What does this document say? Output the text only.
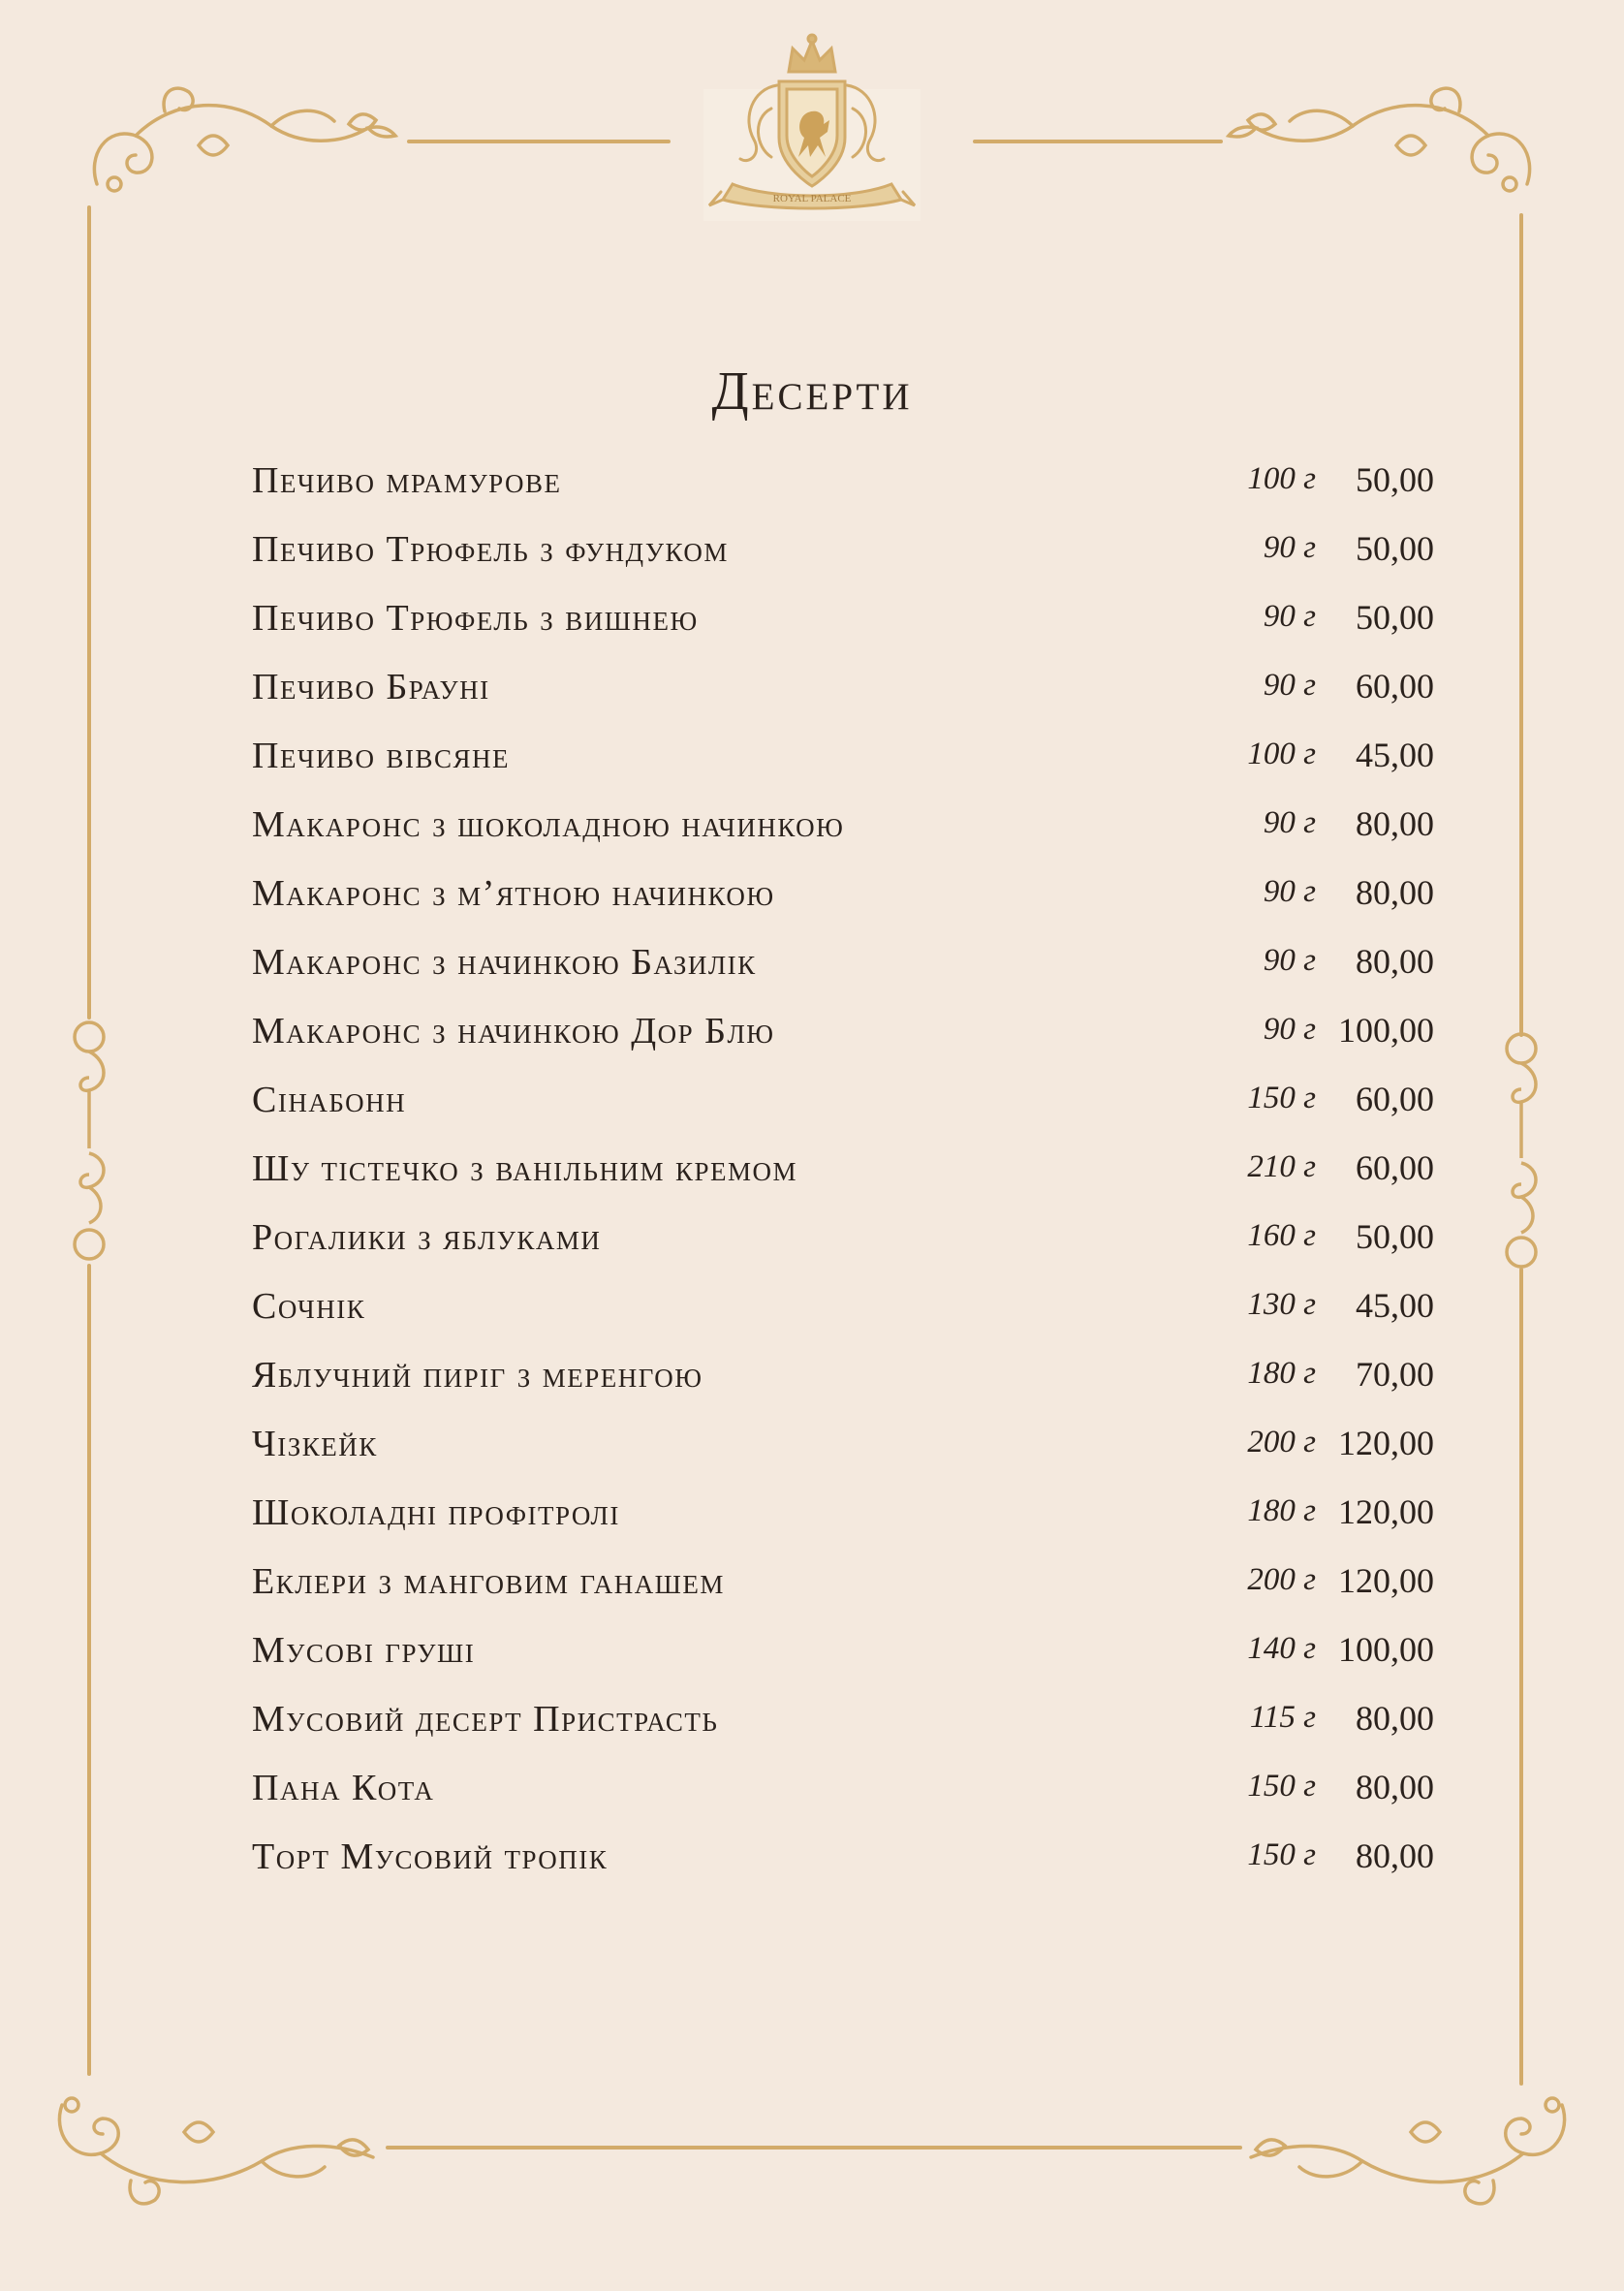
ROYAL PALACE
Десерти
Печиво мрамурове	100 г 50,00
Печиво Трюфель з фундуком	90 г 50,00
Печиво Трюфель з вишнею	90 г 50,00
Печиво Брауні	90 г 60,00
Печиво вівсяне	100 г 45,00
Макаронс з шоколадною начинкою	90 г 80,00
Макаронс з м’ятною начинкою	90 г 80,00
Макаронс з начинкою Базилік	90 г 80,00
Макаронс з начинкою Дор Блю	90 г 100,00
Сінабонн	150 г 60,00
Шу тістечко з ванільним кремом	210 г 60,00
Рогалики з яблуками	160 г 50,00
Сочнік	130 г 45,00
Яблучний пиріг з меренгою	180 г 70,00
Чізкейк	200 г 120,00
Шоколадні профітролі	180 г 120,00
Еклери з манговим ганашем	200 г 120,00
Мусові груші	140 г 100,00
Мусовий десерт Пристрасть	115 г 80,00
Пана Кота	150 г 80,00
Торт Мусовий тропік	150 г 80,00
